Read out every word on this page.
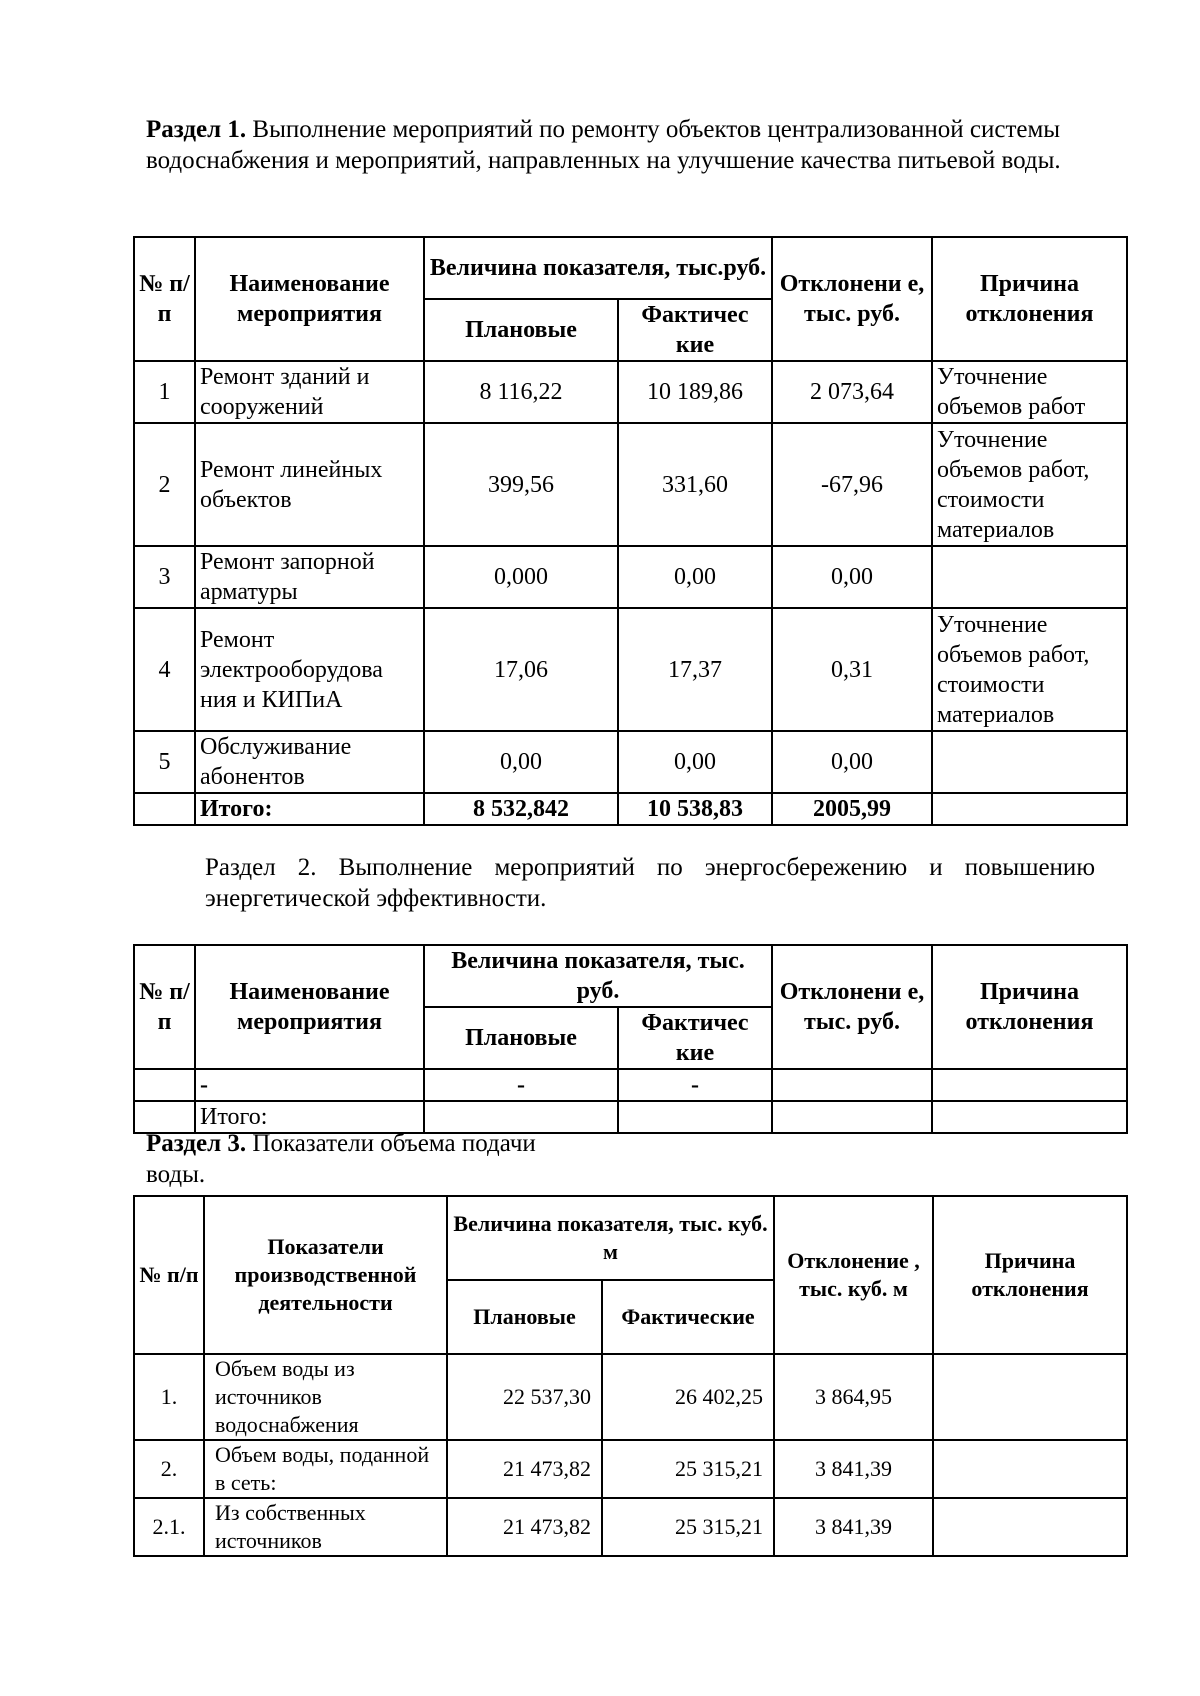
Раздел 1. Выполнение мероприятий по ремонту объектов централизованной системы водоснабжения и мероприятий, направленных на улучшение качества питьевой воды.

№ п/п	Наименование мероприятия	Величина показателя, тыс.руб.		Отклонени е, тыс. руб.	Причина отклонения
		Плановые	Фактичес кие		
1	Ремонт зданий и сооружений	8 116,22	10 189,86	2 073,64	Уточнение объемов работ
2	Ремонт линейных объектов	399,56	331,60	-67,96	Уточнение объемов работ, стоимости материалов
3	Ремонт запорной арматуры	0,000	0,00	0,00	
4	Ремонт электрооборудова ния и КИПиА	17,06	17,37	0,31	Уточнение объемов работ, стоимости материалов
5	Обслуживание абонентов	0,00	0,00	0,00	
	Итого:	8 532,842	10 538,83	2005,99	

Раздел 2. Выполнение мероприятий по энергосбережению и повышению энергетической эффективности.

№ п/п	Наименование мероприятия	Величина показателя, тыс. руб.		Отклонени е, тыс. руб.	Причина отклонения
		Плановые	Фактичес кие		
	-	-	-		
	Итого:				

Раздел 3. Показатели объема подачи воды.

№ п/п	Показатели производственной деятельности	Величина показателя, тыс. куб. м		Отклонение , тыс. куб. м	Причина отклонения
		Плановые	Фактические		
1.	Объем воды из источников водоснабжения	22 537,30	26 402,25	3 864,95	
2.	Объем воды, поданной в сеть:	21 473,82	25 315,21	3 841,39	
2.1.	Из собственных источников	21 473,82	25 315,21	3 841,39	
